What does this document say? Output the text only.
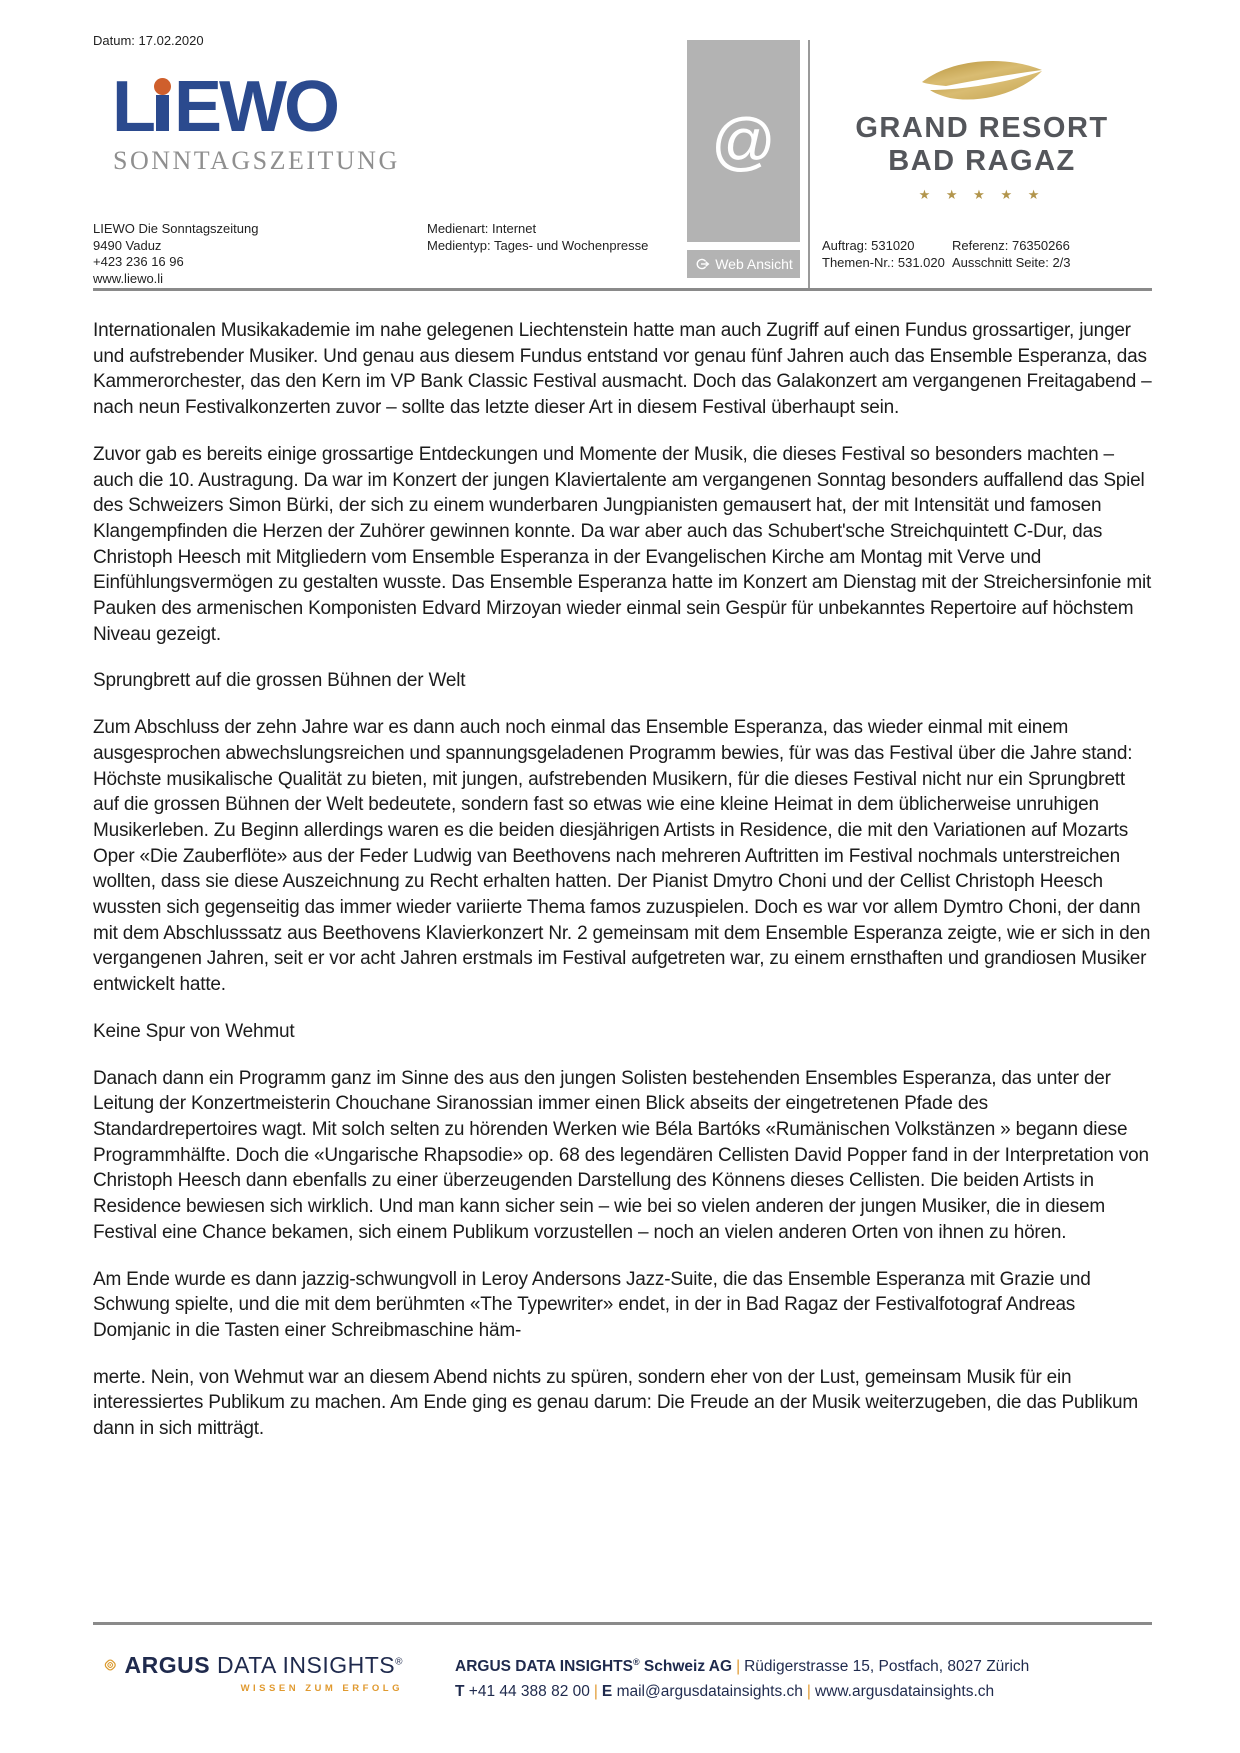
Datum: 17.02.2020
L EWO
SONNTAGSZEITUNG
LIEWO Die Sonntagszeitung
9490 Vaduz
+423 236 16 96
www.liewo.li
Medienart: Internet
Medientyp: Tages- und Wochenpresse
@
Web Ansicht
GRAND RESORT
BAD RAGAZ
★ ★ ★ ★ ★
Auftrag: 531020
Themen-Nr.: 531.020
Referenz: 76350266
Ausschnitt Seite: 2/3

Internationalen Musikakademie im nahe gelegenen Liechtenstein hatte man auch Zugriff auf einen Fundus grossartiger, junger und aufstrebender Musiker. Und genau aus diesem Fundus entstand vor genau fünf Jahren auch das Ensemble Esperanza, das Kammerorchester, das den Kern im VP Bank Classic Festival ausmacht. Doch das Galakonzert am vergangenen Freitagabend – nach neun Festivalkonzerten zuvor – sollte das letzte dieser Art in diesem Festival überhaupt sein.

Zuvor gab es bereits einige grossartige Entdeckungen und Momente der Musik, die dieses Festival so besonders machten – auch die 10. Austragung. Da war im Konzert der jungen Klaviertalente am vergangenen Sonntag besonders auffallend das Spiel des Schweizers Simon Bürki, der sich zu einem wunderbaren Jungpianisten gemausert hat, der mit Intensität und famosen Klangempfinden die Herzen der Zuhörer gewinnen konnte. Da war aber auch das Schubert'sche Streichquintett C-Dur, das Christoph Heesch mit Mitgliedern vom Ensemble Esperanza in der Evangelischen Kirche am Montag mit Verve und Einfühlungsvermögen zu gestalten wusste. Das Ensemble Esperanza hatte im Konzert am Dienstag mit der Streichersinfonie mit Pauken des armenischen Komponisten Edvard Mirzoyan wieder einmal sein Gespür für unbekanntes Repertoire auf höchstem Niveau gezeigt.

Sprungbrett auf die grossen Bühnen der Welt

Zum Abschluss der zehn Jahre war es dann auch noch einmal das Ensemble Esperanza, das wieder einmal mit einem ausgesprochen abwechslungsreichen und spannungsgeladenen Programm bewies, für was das Festival über die Jahre stand: Höchste musikalische Qualität zu bieten, mit jungen, aufstrebenden Musikern, für die dieses Festival nicht nur ein Sprungbrett auf die grossen Bühnen der Welt bedeutete, sondern fast so etwas wie eine kleine Heimat in dem üblicherweise unruhigen Musikerleben. Zu Beginn allerdings waren es die beiden diesjährigen Artists in Residence, die mit den Variationen auf Mozarts Oper «Die Zauberflöte» aus der Feder Ludwig van Beethovens nach mehreren Auftritten im Festival nochmals unterstreichen wollten, dass sie diese Auszeichnung zu Recht erhalten hatten. Der Pianist Dmytro Choni und der Cellist Christoph Heesch wussten sich gegenseitig das immer wieder variierte Thema famos zuzuspielen. Doch es war vor allem Dymtro Choni, der dann mit dem Abschlusssatz aus Beethovens Klavierkonzert Nr. 2 gemeinsam mit dem Ensemble Esperanza zeigte, wie er sich in den vergangenen Jahren, seit er vor acht Jahren erstmals im Festival aufgetreten war, zu einem ernsthaften und grandiosen Musiker entwickelt hatte.

Keine Spur von Wehmut

Danach dann ein Programm ganz im Sinne des aus den jungen Solisten bestehenden Ensembles Esperanza, das unter der Leitung der Konzertmeisterin Chouchane Siranossian immer einen Blick abseits der eingetretenen Pfade des Standardrepertoires wagt. Mit solch selten zu hörenden Werken wie Béla Bartóks «Rumänischen Volkstänzen » begann diese Programmhälfte. Doch die «Ungarische Rhapsodie» op. 68 des legendären Cellisten David Popper fand in der Interpretation von Christoph Heesch dann ebenfalls zu einer überzeugenden Darstellung des Könnens dieses Cellisten. Die beiden Artists in Residence bewiesen sich wirklich. Und man kann sicher sein – wie bei so vielen anderen der jungen Musiker, die in diesem Festival eine Chance bekamen, sich einem Publikum vorzustellen – noch an vielen anderen Orten von ihnen zu hören.

Am Ende wurde es dann jazzig-schwungvoll in Leroy Andersons Jazz-Suite, die das Ensemble Esperanza mit Grazie und Schwung spielte, und die mit dem berühmten «The Typewriter» endet, in der in Bad Ragaz der Festivalfotograf Andreas Domjanic in die Tasten einer Schreibmaschine häm-

merte. Nein, von Wehmut war an diesem Abend nichts zu spüren, sondern eher von der Lust, gemeinsam Musik für ein interessiertes Publikum zu machen. Am Ende ging es genau darum: Die Freude an der Musik weiterzugeben, die das Publikum dann in sich mitträgt.

ARGUS DATA INSIGHTS®
WISSEN ZUM ERFOLG
ARGUS DATA INSIGHTS® Schweiz AG | Rüdigerstrasse 15, Postfach, 8027 Zürich
T +41 44 388 82 00 | E mail@argusdatainsights.ch | www.argusdatainsights.ch
